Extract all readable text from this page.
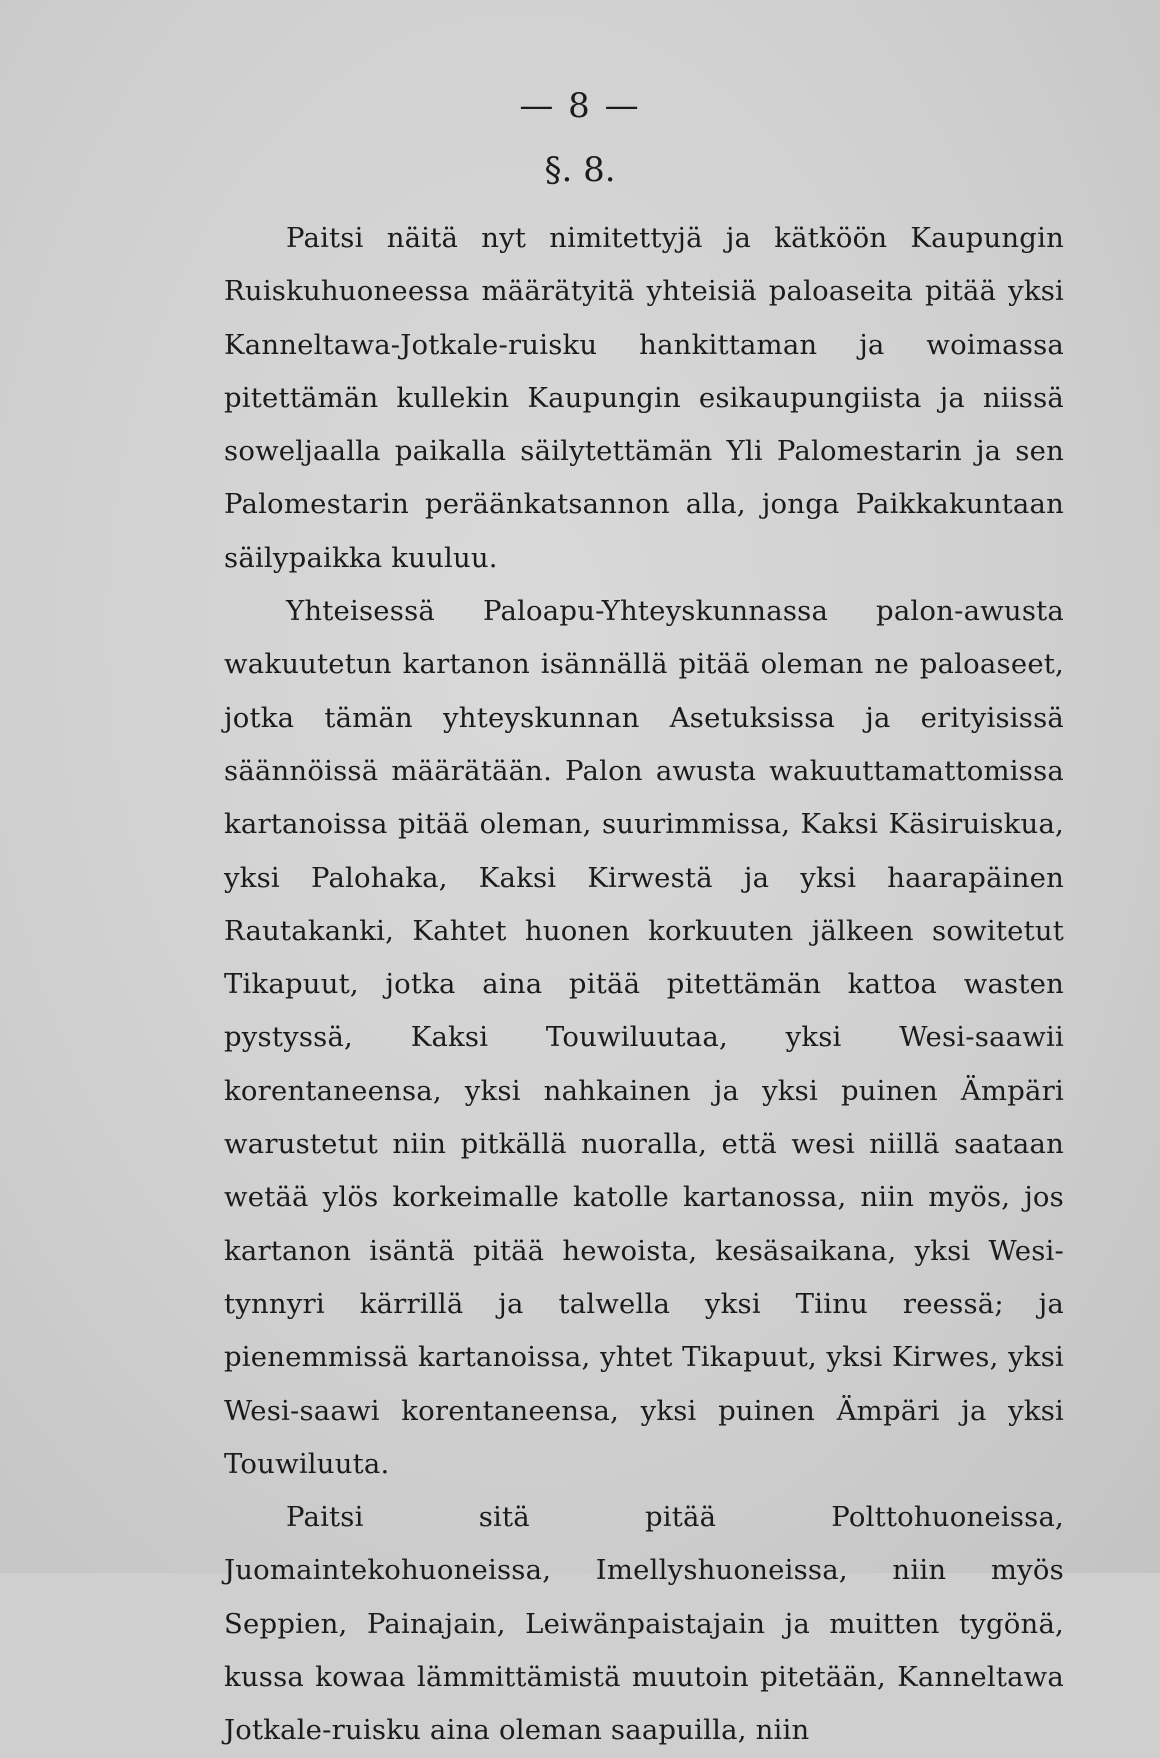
— 8 —
§. 8.

Paitsi näitä nyt nimitettyjä ja kätköön Kaupungin Ruiskuhuoneessa määrätyitä yhteisiä paloaseita pitää yksi Kanneltawa-Jotkale-ruisku hankittaman ja woimassa pitettämän kullekin Kaupungin esikaupungiista ja niissä soweljaalla paikalla säilytettämän Yli Palomestarin ja sen Palomestarin peräänkatsannon alla, jonga Paikkakuntaan säilypaikka kuuluu.

Yhteisessä Paloapu-Yhteyskunnassa palon-awusta wakuutetun kartanon isännällä pitää oleman ne paloaseet, jotka tämän yhteyskunnan Asetuksissa ja erityisissä säännöissä määrätään. Palon awusta wakuuttamattomissa kartanoissa pitää oleman, suurimmissa, Kaksi Käsiruiskua, yksi Palohaka, Kaksi Kirwestä ja yksi haarapäinen Rautakanki, Kahtet huonen korkuuten jälkeen sowitetut Tikapuut, jotka aina pitää pitettämän kattoa wasten pystyssä, Kaksi Touwiluutaa, yksi Wesi-saawii korentaneensa, yksi nahkainen ja yksi puinen Ämpäri warustetut niin pitkällä nuoralla, että wesi niillä saataan wetää ylös korkeimalle katolle kartanossa, niin myös, jos kartanon isäntä pitää hewoista, kesäsaikana, yksi Wesi-tynnyri kärrillä ja talwella yksi Tiinu reessä; ja pienemmissä kartanoissa, yhtet Tikapuut, yksi Kirwes, yksi Wesi-saawi korentaneensa, yksi puinen Ämpäri ja yksi Touwiluuta.

Paitsi sitä pitää Polttohuoneissa, Juomaintekohuoneissa, Imellyshuoneissa, niin myös Seppien, Painajain, Leiwänpaistajain ja muitten tygönä, kussa kowaa lämmittämistä muutoin pitetään, Kanneltawa Jotkale-ruisku aina oleman saapuilla, niin
